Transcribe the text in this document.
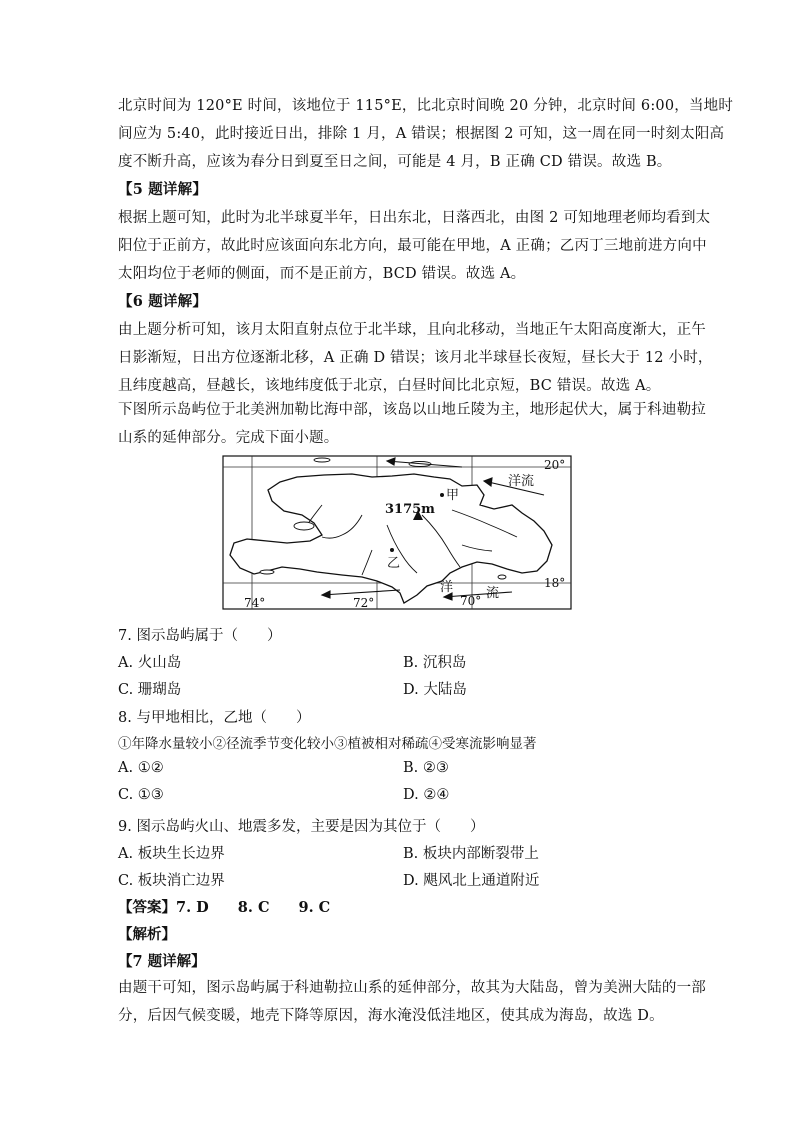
北京时间为 120°E 时间，该地位于 115°E，比北京时间晚 20 分钟，北京时间 6:00，当地时
间应为 5:40，此时接近日出，排除 1 月，A 错误；根据图 2 可知，这一周在同一时刻太阳高
度不断升高，应该为春分日到夏至日之间，可能是 4 月，B 正确 CD 错误。故选 B。
【5 题详解】
根据上题可知，此时为北半球夏半年，日出东北，日落西北，由图 2 可知地理老师均看到太
阳位于正前方，故此时应该面向东北方向，最可能在甲地，A 正确；乙丙丁三地前进方向中
太阳均位于老师的侧面，而不是正前方，BCD 错误。故选 A。
【6 题详解】
由上题分析可知，该月太阳直射点位于北半球，且向北移动，当地正午太阳高度渐大，正午
日影渐短，日出方位逐渐北移，A 正确 D 错误；该月北半球昼长夜短，昼长大于 12 小时，
且纬度越高，昼越长，该地纬度低于北京，白昼时间比北京短，BC 错误。故选 A。
下图所示岛屿位于北美洲加勒比海中部，该岛以山地丘陵为主，地形起伏大，属于科迪勒拉
山系的延伸部分。完成下面小题。
20°
18°
74°	72°	70°
洋流
洋	流
3175m
甲
乙
7. 图示岛屿属于（　　）
A. 火山岛	B. 沉积岛
C. 珊瑚岛	D. 大陆岛
8. 与甲地相比，乙地（　　）
①年降水量较小②径流季节变化较小③植被相对稀疏④受寒流影响显著
A. ①②	B. ②③
C. ①③	D. ②④
9. 图示岛屿火山、地震多发，主要是因为其位于（　　）
A. 板块生长边界	B. 板块内部断裂带上
C. 板块消亡边界	D. 飓风北上通道附近
【答案】7. D　　8. C　　9. C
【解析】
【7 题详解】
由题干可知，图示岛屿属于科迪勒拉山系的延伸部分，故其为大陆岛，曾为美洲大陆的一部
分，后因气候变暖，地壳下降等原因，海水淹没低洼地区，使其成为海岛，故选 D。
